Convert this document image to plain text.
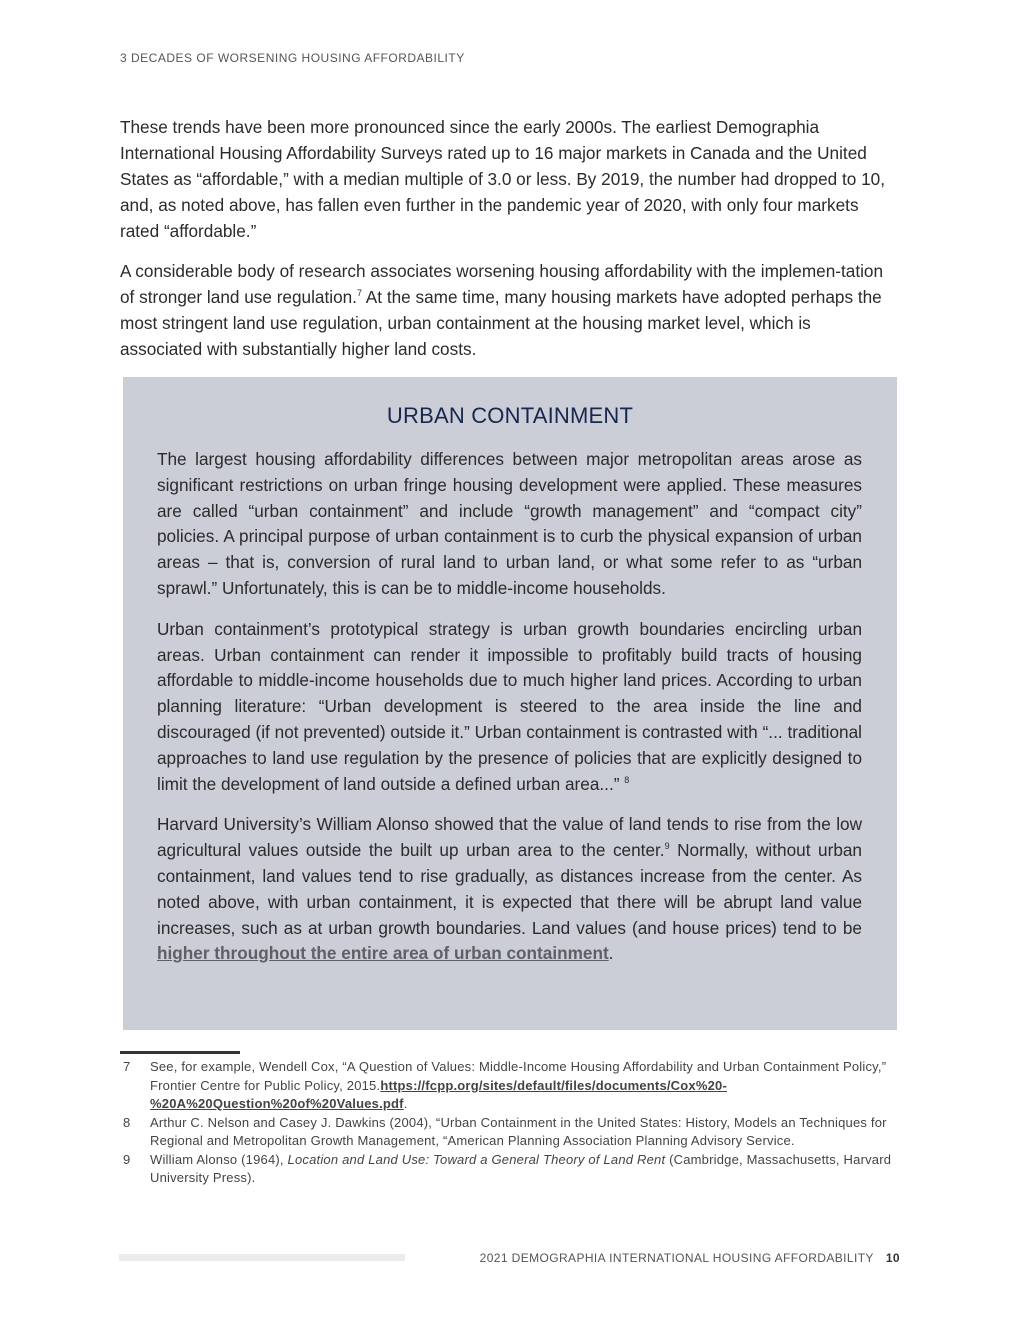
3 DECADES OF WORSENING HOUSING AFFORDABILITY

These trends have been more pronounced since the early 2000s. The earliest Demographia International Housing Affordability Surveys rated up to 16 major markets in Canada and the United States as “affordable,” with a median multiple of 3.0 or less. By 2019, the number had dropped to 10, and, as noted above, has fallen even further in the pandemic year of 2020, with only four markets rated “affordable.”

A considerable body of research associates worsening housing affordability with the implemen-tation of stronger land use regulation.$^7$ At the same time, many housing markets have adopted perhaps the most stringent land use regulation, urban containment at the housing market level, which is associated with substantially higher land costs.

URBAN CONTAINMENT

The largest housing affordability differences between major metropolitan areas arose as significant restrictions on urban fringe housing development were applied. These measures are called “urban containment” and include “growth management” and “compact city” policies. A principal purpose of urban containment is to curb the physical expansion of urban areas – that is, conversion of rural land to urban land, or what some refer to as “urban sprawl.” Unfortunately, this is can be to middle-income households.

Urban containment’s prototypical strategy is urban growth boundaries encircling urban areas. Urban containment can render it impossible to profitably build tracts of housing affordable to middle-income households due to much higher land prices. According to urban planning literature: “Urban development is steered to the area inside the line and discouraged (if not prevented) outside it.” Urban containment is contrasted with “... traditional approaches to land use regulation by the presence of policies that are explicitly designed to limit the development of land outside a defined urban area...” $^8$

Harvard University’s William Alonso showed that the value of land tends to rise from the low agricultural values outside the built up urban area to the center.$^9$ Normally, without urban containment, land values tend to rise gradually, as distances increase from the center. As noted above, with urban containment, it is expected that there will be abrupt land value increases, such as at urban growth boundaries. Land values (and house prices) tend to be higher throughout the entire area of urban containment.

7 See, for example, Wendell Cox, “A Question of Values: Middle-Income Housing Affordability and Urban Containment Policy,” Frontier Centre for Public Policy, 2015.https://fcpp.org/sites/default/files/documents/Cox%20-%20A%20Question%20of%20Values.pdf.
8 Arthur C. Nelson and Casey J. Dawkins (2004), “Urban Containment in the United States: History, Models an Techniques for Regional and Metropolitan Growth Management, “American Planning Association Planning Advisory Service.
9 William Alonso (1964), Location and Land Use: Toward a General Theory of Land Rent (Cambridge, Massachusetts, Harvard University Press).
2021 DEMOGRAPHIA INTERNATIONAL HOUSING AFFORDABILITY 10
